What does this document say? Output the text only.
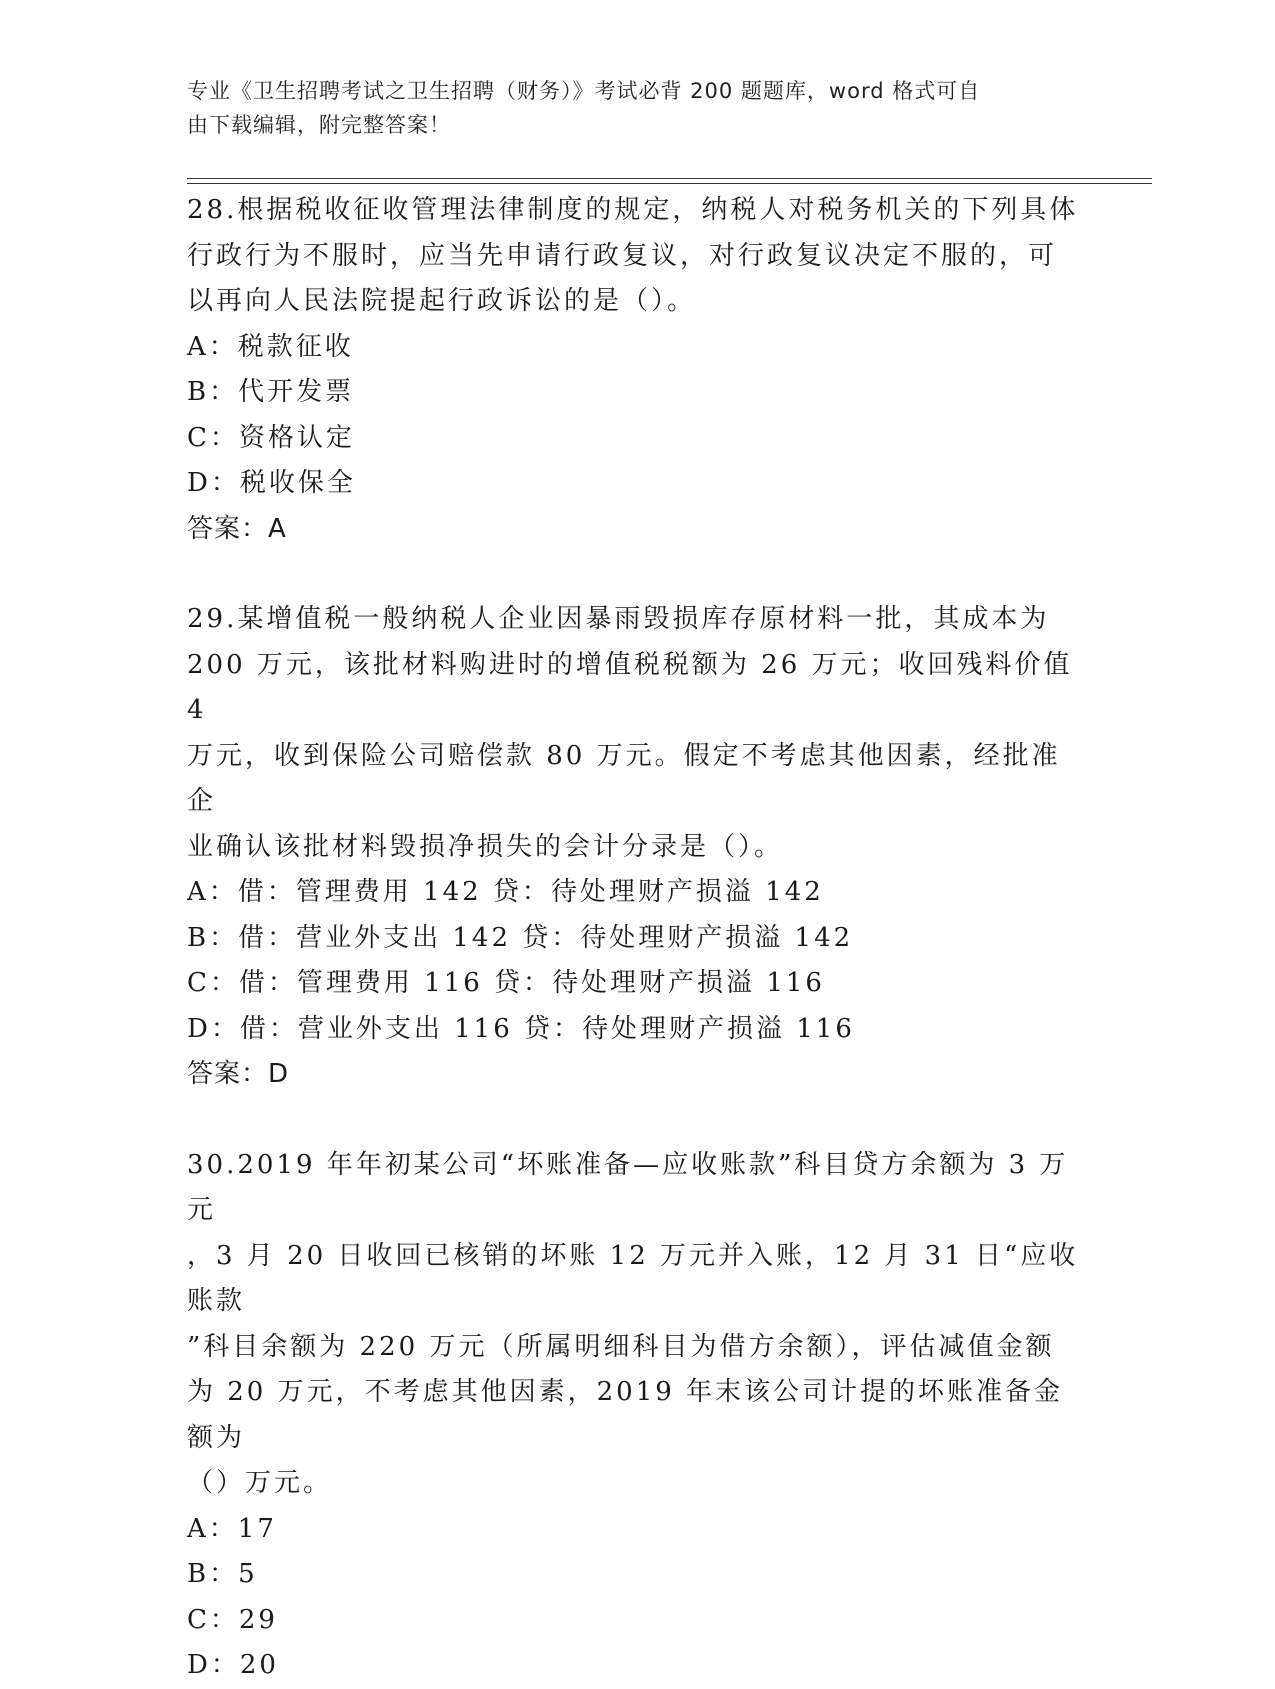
专业《卫生招聘考试之卫生招聘（财务）》考试必背 200 题题库，word 格式可自
由下载编辑，附完整答案！

28.根据税收征收管理法律制度的规定，纳税人对税务机关的下列具体

行政行为不服时，应当先申请行政复议，对行政复议决定不服的，可

以再向人民法院提起行政诉讼的是（）。

A：税款征收

B：代开发票

C：资格认定

D：税收保全

答案：A

29.某增值税一般纳税人企业因暴雨毁损库存原材料一批，其成本为

200 万元，该批材料购进时的增值税税额为 26 万元；收回残料价值 4

万元，收到保险公司赔偿款 80 万元。假定不考虑其他因素，经批准企

业确认该批材料毁损净损失的会计分录是（）。

A：借：管理费用 142 贷：待处理财产损溢 142

B：借：营业外支出 142 贷：待处理财产损溢 142

C：借：管理费用 116 贷：待处理财产损溢 116

D：借：营业外支出 116 贷：待处理财产损溢 116

答案：D

30.2019 年年初某公司“坏账准备—应收账款”科目贷方余额为 3 万元

，3 月 20 日收回已核销的坏账 12 万元并入账，12 月 31 日“应收账款

”科目余额为 220 万元（所属明细科目为借方余额），评估减值金额

为 20 万元，不考虑其他因素，2019 年末该公司计提的坏账准备金额为

（）万元。

A：17

B：5

C：29

D：20
